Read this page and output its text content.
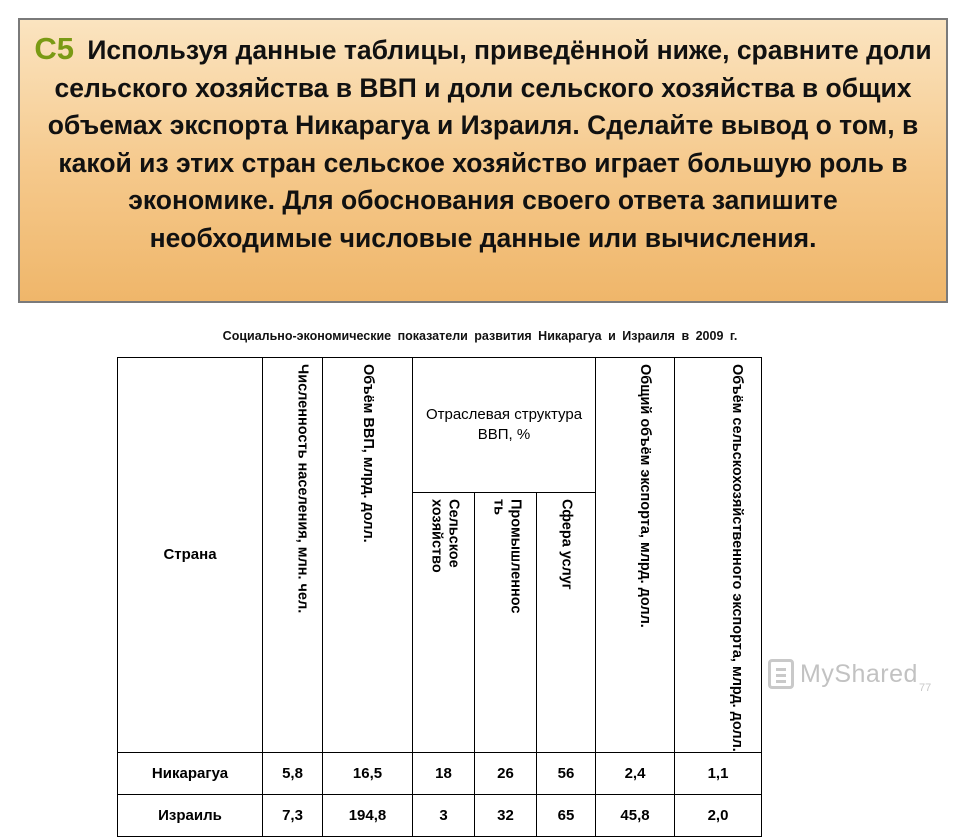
С5 Используя данные таблицы, приведённой ниже, сравните доли сельского хозяйства в ВВП и доли сельского хозяйства в общих объемах экспорта Никарагуа и Израиля. Сделайте вывод о том, в какой из этих стран сельское хозяйство играет большую роль в экономике. Для обоснования своего ответа запишите необходимые числовые данные или вычисления.
Социально-экономические показатели развития Никарагуа и Израиля в 2009 г.
Страна	Численность населения, млн. чел.	Объём ВВП, млрд. долл.	Отраслевая структура ВВП, %			Общий объём экспорта, млрд. долл.	Объём сельскохозяйственного экспорта, млрд. долл.

			Сельское хозяйство	Промышленность	Сфера услуг		

Никарагуа	5,8	16,5	18	26	56	2,4	1,1
Израиль	7,3	194,8	3	32	65	45,8	2,0
MyShared
77
